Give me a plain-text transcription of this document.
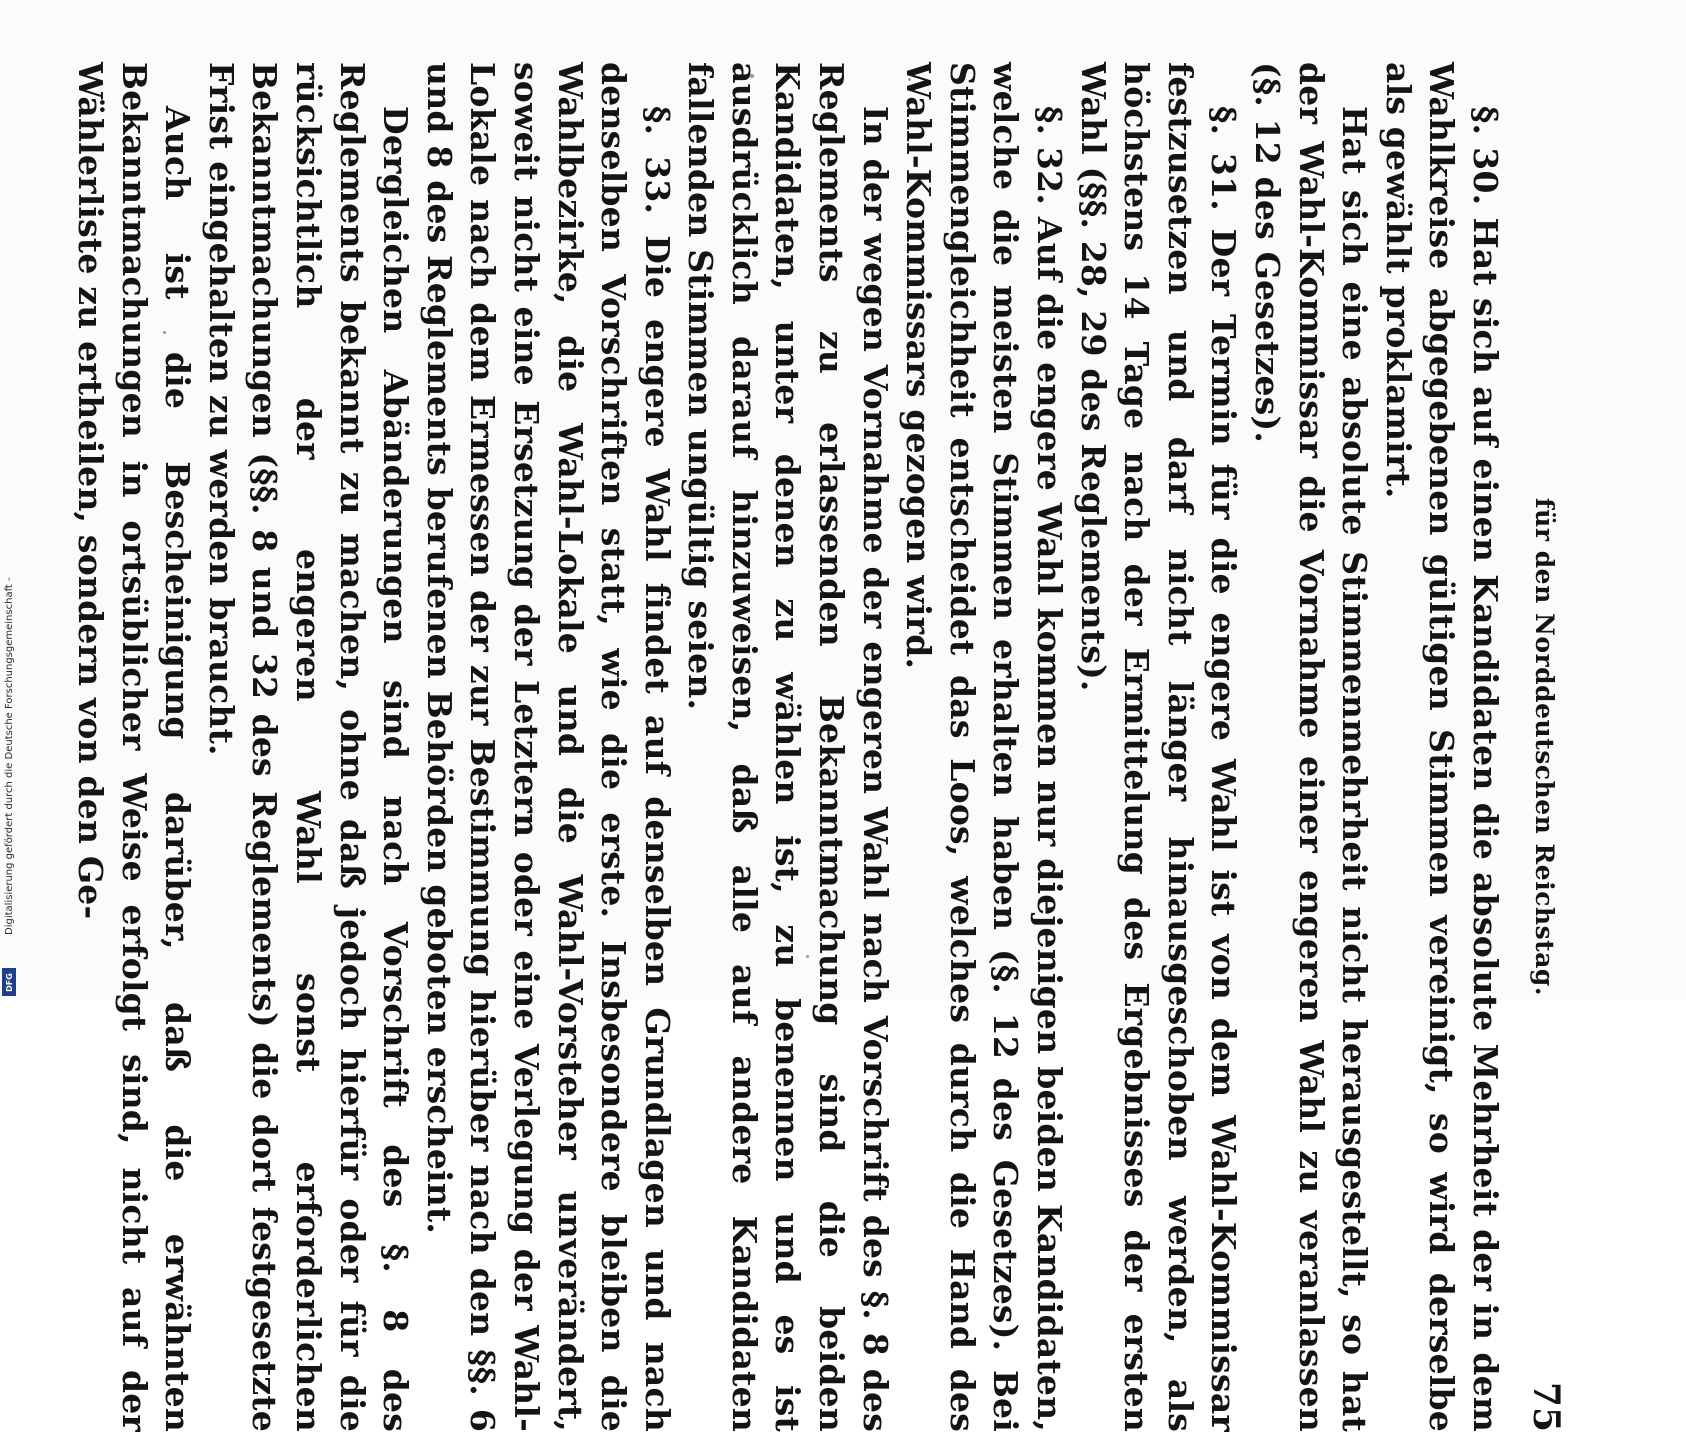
für den Norddeutschen Reichstag.
75

§. 30. Hat sich auf einen Kandidaten die absolute Mehrheit der in dem Wahlkreise abgegebenen gültigen Stimmen vereinigt, so wird derselbe als gewählt proklamirt.

Hat sich eine absolute Stimmenmehrheit nicht herausgestellt, so hat der Wahl-Kommissar die Vornahme einer engeren Wahl zu veranlassen (§. 12 des Gesetzes).

§. 31. Der Termin für die engere Wahl ist von dem Wahl-Kommissar festzusetzen und darf nicht länger hinausgeschoben werden, als höchstens 14 Tage nach der Ermittelung des Ergebnisses der ersten Wahl (§§. 28, 29 des Reglements).

§. 32. Auf die engere Wahl kommen nur diejenigen beiden Kandidaten, welche die meisten Stimmen erhalten haben (§. 12 des Gesetzes). Bei Stimmengleichheit entscheidet das Loos, welches durch die Hand des Wahl-Kommissars gezogen wird.

In der wegen Vornahme der engeren Wahl nach Vorschrift des §. 8 des Reglements zu erlassenden Bekanntmachung sind die beiden Kandidaten, unter denen zu wählen ist, zu benennen und es ist ausdrücklich darauf hinzuweisen, daß alle auf andere Kandidaten fallenden Stimmen ungültig seien.

§. 33. Die engere Wahl findet auf denselben Grundlagen und nach denselben Vorschriften statt, wie die erste. Insbesondere bleiben die Wahlbezirke, die Wahl-Lokale und die Wahl-Vorsteher unverändert, soweit nicht eine Ersetzung der Letztern oder eine Verlegung der Wahl-Lokale nach dem Ermessen der zur Bestimmung hierüber nach den §§. 6 und 8 des Reglements berufenen Behörden geboten erscheint.

Dergleichen Abänderungen sind nach Vorschrift des §. 8 des Reglements bekannt zu machen, ohne daß jedoch hierfür oder für die rücksichtlich der engeren Wahl sonst erforderlichen Bekanntmachungen (§§. 8 und 32 des Reglements) die dort festgesetzte Frist eingehalten zu werden braucht.

Auch ist die Bescheinigung darüber, daß die erwähnten Bekanntmachungen in ortsüblicher Weise erfolgt sind, nicht auf der Wählerliste zu ertheilen, sondern von den Ge-

Digitalisierung gefördert durch die Deutsche Forschungsgemeinschaft -
DFG
